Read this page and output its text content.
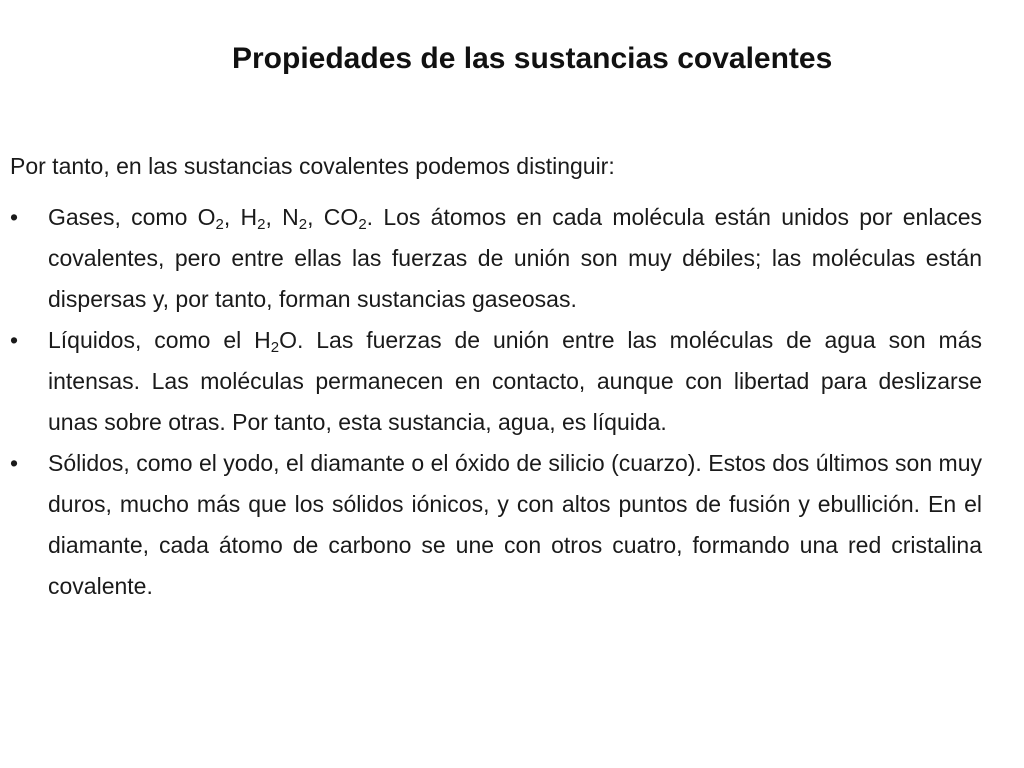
Propiedades de las sustancias covalentes
Por tanto, en las sustancias covalentes podemos distinguir:
• Gases, como $O_2$, $H_2$, $N_2$, $CO_2$. Los átomos en cada molécula están unidos por enlaces covalentes, pero entre ellas las fuerzas de unión son muy débiles; las moléculas están dispersas y, por tanto, forman sustancias gaseosas.
• Líquidos, como el $H_2O$. Las fuerzas de unión entre las moléculas de agua son más intensas. Las moléculas permanecen en contacto, aunque con libertad para deslizarse unas sobre otras. Por tanto, esta sustancia, agua, es líquida.
• Sólidos, como el yodo, el diamante o el óxido de silicio (cuarzo). Estos dos últimos son muy duros, mucho más que los sólidos iónicos, y con altos puntos de fusión y ebullición. En el diamante, cada átomo de carbono se une con otros cuatro, formando una red cristalina covalente.
